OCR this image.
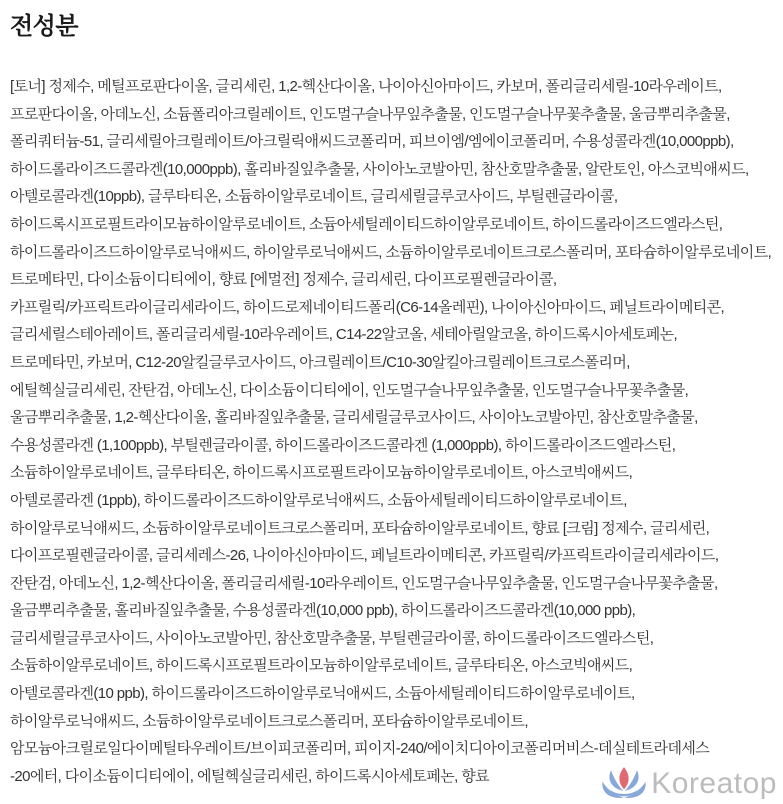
전성분
[토너] 정제수, 메틸프로판다이올, 글리세린, 1,2-헥산다이올, 나이아신아마이드, 카보머, 폴리글리세릴-10라우레이트,
프로판다이올, 아데노신, 소듐폴리아크릴레이트, 인도멀구슬나무잎추출물, 인도멀구슬나무꽃추출물, 울금뿌리추출물,
폴리쿼터늄-51, 글리세릴아크릴레이트/아크릴릭애씨드코폴리머, 피브이엠/엠에이코폴리머, 수용성콜라겐(10,000ppb),
하이드롤라이즈드콜라겐(10,000ppb), 홀리바질잎추출물, 사이아노코발아민, 참산호말추출물, 알란토인, 아스코빅애씨드,
아텔로콜라겐(10ppb), 글루타티온, 소듐하이알루로네이트, 글리세릴글루코사이드, 부틸렌글라이콜,
하이드록시프로필트라이모늄하이알루로네이트, 소듐아세틸레이티드하이알루로네이트, 하이드롤라이즈드엘라스틴,
하이드롤라이즈드하이알루로닉애씨드, 하이알루로닉애씨드, 소듐하이알루로네이트크로스폴리머, 포타슘하이알루로네이트,
트로메타민, 다이소듐이디티에이, 향료 [에멀전] 정제수, 글리세린, 다이프로필렌글라이콜,
카프릴릭/카프릭트라이글리세라이드, 하이드로제네이티드폴리(C6-14올레핀), 나이아신아마이드, 페닐트라이메티콘,
글리세릴스테아레이트, 폴리글리세릴-10라우레이트, C14-22알코올, 세테아릴알코올, 하이드록시아세토페논,
트로메타민, 카보머, C12-20알킬글루코사이드, 아크릴레이트/C10-30알킬아크릴레이트크로스폴리머,
에틸헥실글리세린, 잔탄검, 아데노신, 다이소듐이디티에이, 인도멀구슬나무잎추출물, 인도멀구슬나무꽃추출물,
울금뿌리추출물, 1,2-헥산다이올, 홀리바질잎추출물, 글리세릴글루코사이드, 사이아노코발아민, 참산호말추출물,
수용성콜라겐 (1,100ppb), 부틸렌글라이콜, 하이드롤라이즈드콜라겐 (1,000ppb), 하이드롤라이즈드엘라스틴,
소듐하이알루로네이트, 글루타티온, 하이드록시프로필트라이모늄하이알루로네이트, 아스코빅애씨드,
아텔로콜라겐 (1ppb), 하이드롤라이즈드하이알루로닉애씨드, 소듐아세틸레이티드하이알루로네이트,
하이알루로닉애씨드, 소듐하이알루로네이트크로스폴리머, 포타슘하이알루로네이트, 향료 [크림] 정제수, 글리세린,
다이프로필렌글라이콜, 글리세레스-26, 나이아신아마이드, 페닐트라이메티콘, 카프릴릭/카프릭트라이글리세라이드,
잔탄검, 아데노신, 1,2-헥산다이올, 폴리글리세릴-10라우레이트, 인도멀구슬나무잎추출물, 인도멀구슬나무꽃추출물,
울금뿌리추출물, 홀리바질잎추출물, 수용성콜라겐(10,000 ppb), 하이드롤라이즈드콜라겐(10,000 ppb),
글리세릴글루코사이드, 사이아노코발아민, 참산호말추출물, 부틸렌글라이콜, 하이드롤라이즈드엘라스틴,
소듐하이알루로네이트, 하이드록시프로필트라이모늄하이알루로네이트, 글루타티온, 아스코빅애씨드,
아텔로콜라겐(10 ppb), 하이드롤라이즈드하이알루로닉애씨드, 소듐아세틸레이티드하이알루로네이트,
하이알루로닉애씨드, 소듐하이알루로네이트크로스폴리머, 포타슘하이알루로네이트,
암모늄아크릴로일다이메틸타우레이트/브이피코폴리머, 피이지-240/에이치디아이코폴리머비스-데실테트라데세스
-20에터, 다이소듐이디티에이, 에틸헥실글리세린, 하이드록시아세토페논, 향료	Koreatop
